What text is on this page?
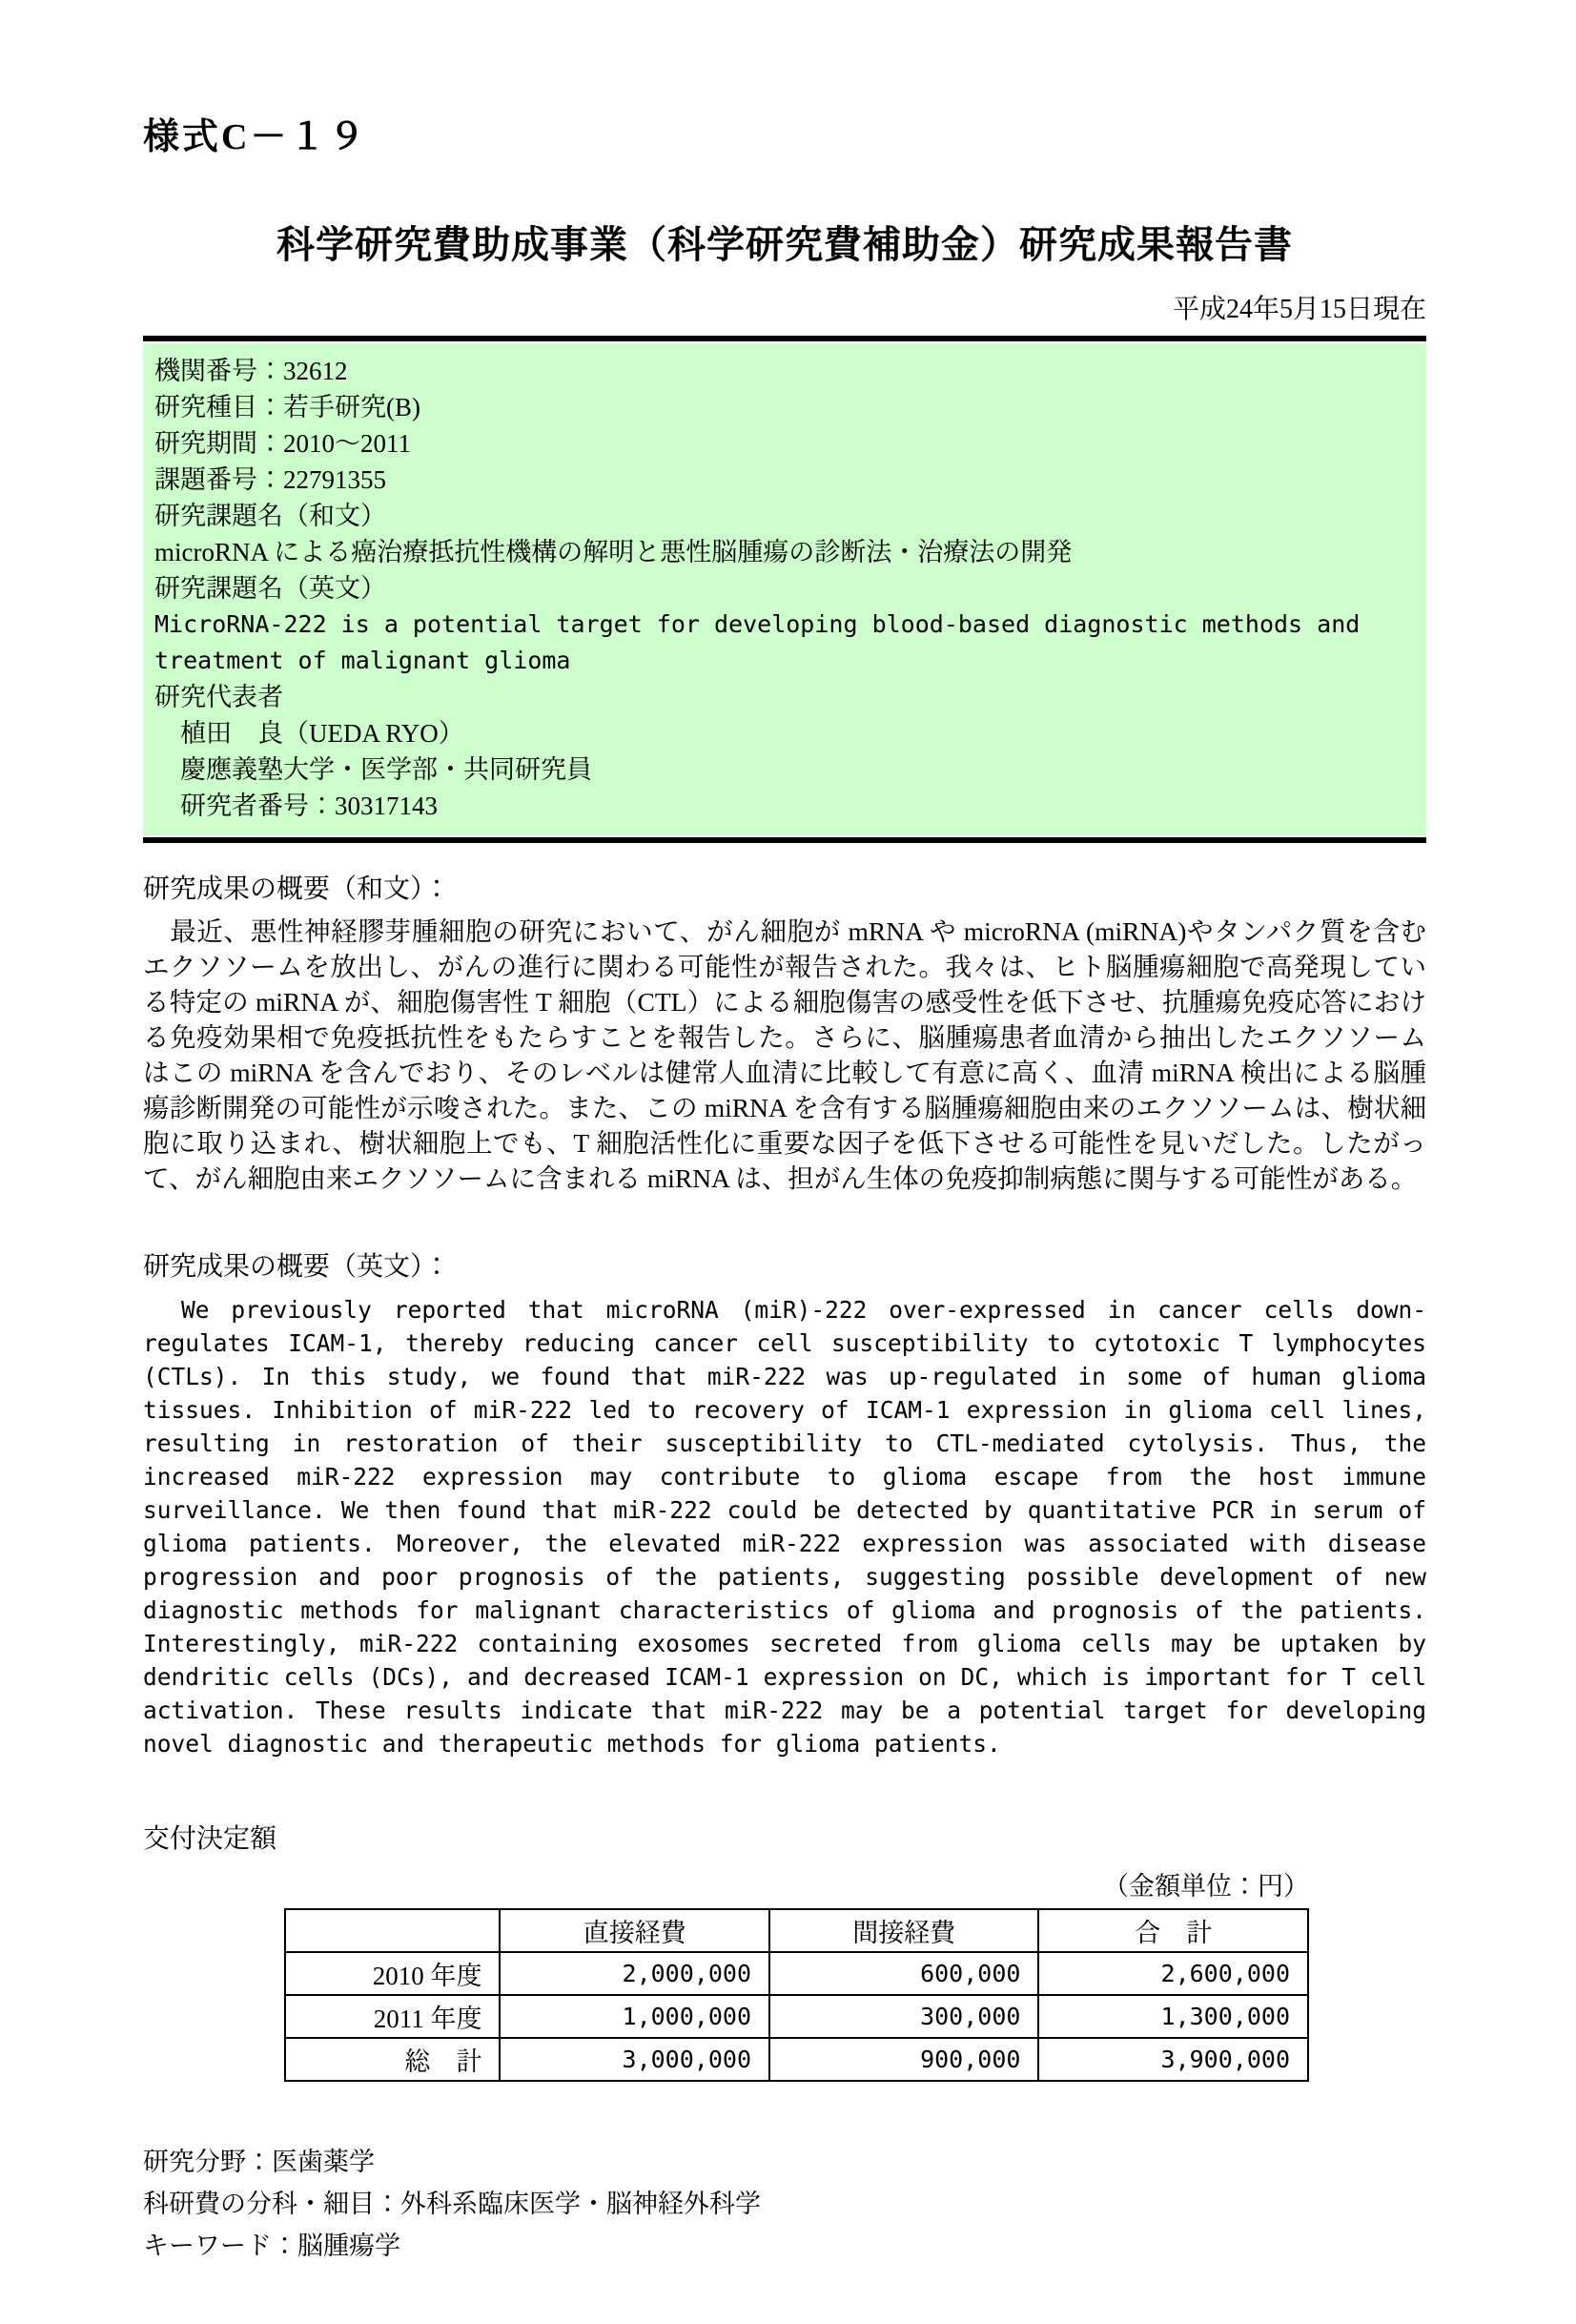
様式С－１９
科学研究費助成事業（科学研究費補助金）研究成果報告書
平成24年5月15日現在
機関番号：32612
研究種目：若手研究(B)
研究期間：2010～2011
課題番号：22791355
研究課題名（和文）
microRNA による癌治療抵抗性機構の解明と悪性脳腫瘍の診断法・治療法の開発
研究課題名（英文）
MicroRNA-222 is a potential target for developing blood-based diagnostic methods and treatment of malignant glioma
研究代表者
　植田　良（UEDA RYO）
　慶應義塾大学・医学部・共同研究員
　研究者番号：30317143
研究成果の概要（和文）：
　最近、悪性神経膠芽腫細胞の研究において、がん細胞が mRNA や microRNA (miRNA)やタンパク質を含むエクソソームを放出し、がんの進行に関わる可能性が報告された。我々は、ヒト脳腫瘍細胞で高発現している特定の miRNA が、細胞傷害性 T 細胞（CTL）による細胞傷害の感受性を低下させ、抗腫瘍免疫応答における免疫効果相で免疫抵抗性をもたらすことを報告した。さらに、脳腫瘍患者血清から抽出したエクソソームはこの miRNA を含んでおり、そのレベルは健常人血清に比較して有意に高く、血清 miRNA 検出による脳腫瘍診断開発の可能性が示唆された。また、この miRNA を含有する脳腫瘍細胞由来のエクソソームは、樹状細胞に取り込まれ、樹状細胞上でも、T 細胞活性化に重要な因子を低下させる可能性を見いだした。したがって、がん細胞由来エクソソームに含まれる miRNA は、担がん生体の免疫抑制病態に関与する可能性がある。
研究成果の概要（英文）：
We previously reported that microRNA (miR)-222 over-expressed in cancer cells down-regulates ICAM-1, thereby reducing cancer cell susceptibility to cytotoxic T lymphocytes (CTLs). In this study, we found that miR-222 was up-regulated in some of human glioma tissues. Inhibition of miR-222 led to recovery of ICAM-1 expression in glioma cell lines, resulting in restoration of their susceptibility to CTL-mediated cytolysis. Thus, the increased miR-222 expression may contribute to glioma escape from the host immune surveillance. We then found that miR-222 could be detected by quantitative PCR in serum of glioma patients. Moreover, the elevated miR-222 expression was associated with disease progression and poor prognosis of the patients, suggesting possible development of new diagnostic methods for malignant characteristics of glioma and prognosis of the patients. Interestingly, miR-222 containing exosomes secreted from glioma cells may be uptaken by dendritic cells (DCs), and decreased ICAM-1 expression on DC, which is important for T cell activation. These results indicate that miR-222 may be a potential target for developing novel diagnostic and therapeutic methods for glioma patients.
交付決定額
（金額単位：円）
	直接経費	間接経費	合　計
2010 年度	2,000,000	600,000	2,600,000
2011 年度	1,000,000	300,000	1,300,000
総　計	3,000,000	900,000	3,900,000
研究分野：医歯薬学
科研費の分科・細目：外科系臨床医学・脳神経外科学
キーワード：脳腫瘍学
